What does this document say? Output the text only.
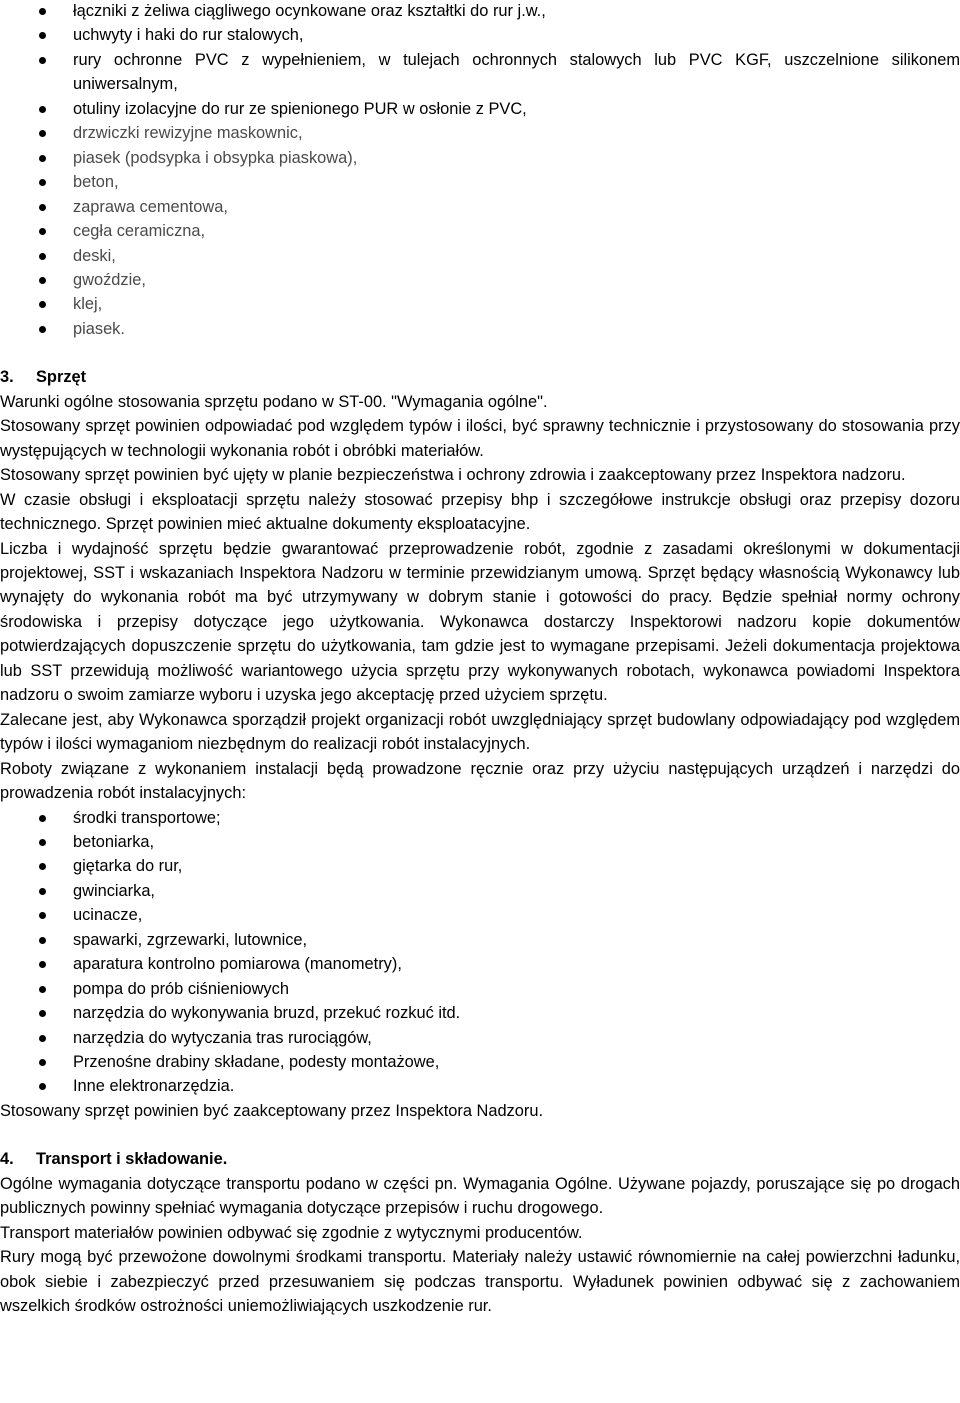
łączniki z żeliwa ciągliwego ocynkowane oraz kształtki do rur j.w.,
uchwyty i haki do rur stalowych,

rury ochronne PVC z wypełnieniem, w tulejach ochronnych stalowych lub PVC KGF, uszczelnione silikonem uniwersalnym,

otuliny izolacyjne do rur ze spienionego PUR w osłonie z PVC,
drzwiczki rewizyjne maskownic,
piasek (podsypka i obsypka piaskowa),
beton,
zaprawa cementowa,
cegła ceramiczna,
deski,
gwoździe,
klej,
piasek.
3. Sprzęt

Warunki ogólne stosowania sprzętu podano w ST-00. "Wymagania ogólne".

Stosowany sprzęt powinien odpowiadać pod względem typów i ilości, być sprawny technicznie i przystosowany do stosowania przy występujących w technologii wykonania robót i obróbki materiałów.

Stosowany sprzęt powinien być ujęty w planie bezpieczeństwa i ochrony zdrowia i zaakceptowany przez Inspektora nadzoru.

W czasie obsługi i eksploatacji sprzętu należy stosować przepisy bhp i szczegółowe instrukcje obsługi oraz przepisy dozoru technicznego. Sprzęt powinien mieć aktualne dokumenty eksploatacyjne.

Liczba i wydajność sprzętu będzie gwarantować przeprowadzenie robót, zgodnie z zasadami określonymi w dokumentacji projektowej, SST i wskazaniach Inspektora Nadzoru w terminie przewidzianym umową. Sprzęt będący własnością Wykonawcy lub wynajęty do wykonania robót ma być utrzymywany w dobrym stanie i gotowości do pracy. Będzie spełniał normy ochrony środowiska i przepisy dotyczące jego użytkowania. Wykonawca dostarczy Inspektorowi nadzoru kopie dokumentów potwierdzających dopuszczenie sprzętu do użytkowania, tam gdzie jest to wymagane przepisami. Jeżeli dokumentacja projektowa lub SST przewidują możliwość wariantowego użycia sprzętu przy wykonywanych robotach, wykonawca powiadomi Inspektora nadzoru o swoim zamiarze wyboru i uzyska jego akceptację przed użyciem sprzętu.

Zalecane jest, aby Wykonawca sporządził projekt organizacji robót uwzględniający sprzęt budowlany odpowiadający pod względem typów i ilości wymaganiom niezbędnym do realizacji robót instalacyjnych.

Roboty związane z wykonaniem instalacji będą prowadzone ręcznie oraz przy użyciu następujących urządzeń i narzędzi do prowadzenia robót instalacyjnych:

środki transportowe;
betoniarka,
giętarka do rur,
gwinciarka,
ucinacze,
spawarki, zgrzewarki, lutownice,
aparatura kontrolno pomiarowa (manometry),
pompa do prób ciśnieniowych
narzędzia do wykonywania bruzd, przekuć rozkuć itd.
narzędzia do wytyczania tras rurociągów,
Przenośne drabiny składane, podesty montażowe,
Inne elektronarzędzia.

Stosowany sprzęt powinien być zaakceptowany przez Inspektora Nadzoru.

4. Transport i składowanie.

Ogólne wymagania dotyczące transportu podano w części pn. Wymagania Ogólne. Używane pojazdy, poruszające się po drogach publicznych powinny spełniać wymagania dotyczące przepisów i ruchu drogowego.

Transport materiałów powinien odbywać się zgodnie z wytycznymi producentów.

Rury mogą być przewożone dowolnymi środkami transportu. Materiały należy ustawić równomiernie na całej powierzchni ładunku, obok siebie i zabezpieczyć przed przesuwaniem się podczas transportu. Wyładunek powinien odbywać się z zachowaniem wszelkich środków ostrożności uniemożliwiających uszkodzenie rur.
